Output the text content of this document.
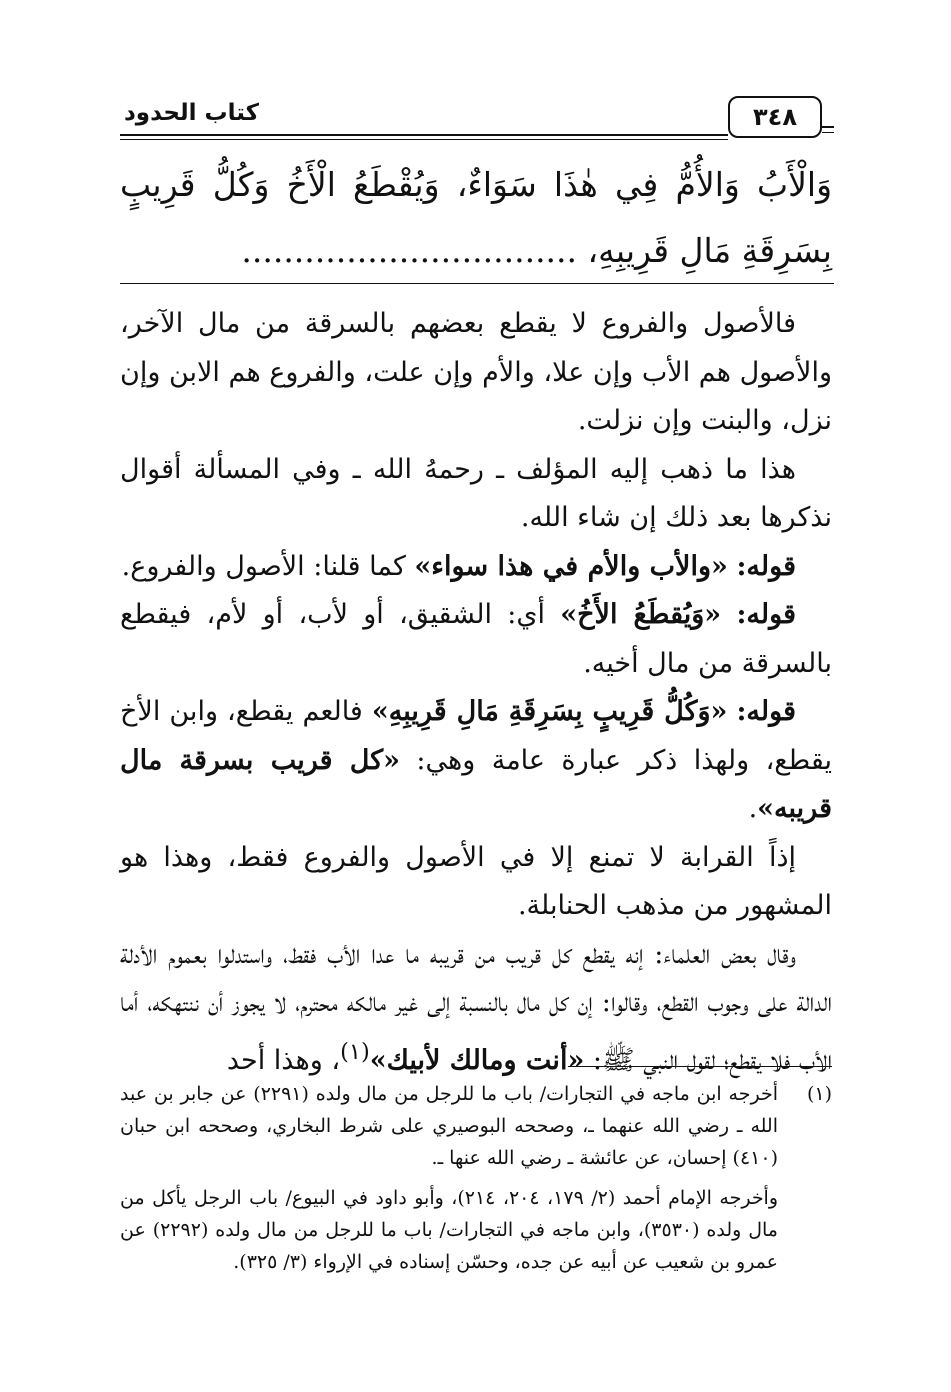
كتاب الحدود	٣٤٨
وَالْأَبُ وَالأُمُّ فِي هٰذَا سَوَاءٌ، وَيُقْطَعُ الْأَخُ وَكُلُّ قَرِيبٍ بِسَرِقَةِ مَالِ قَرِيبِهِ، ................................

فالأصول والفروع لا يقطع بعضهم بالسرقة من مال الآخر، والأصول هم الأب وإن علا، والأم وإن علت، والفروع هم الابن وإن نزل، والبنت وإن نزلت.

هذا ما ذهب إليه المؤلف ـ رحمهُ الله ـ وفي المسألة أقوال نذكرها بعد ذلك إن شاء الله.

قوله: «والأب والأم في هذا سواء» كما قلنا: الأصول والفروع.

قوله: «وَيُقطَعُ الأَخُ» أي: الشقيق، أو لأب، أو لأم، فيقطع بالسرقة من مال أخيه.

قوله: «وَكُلُّ قَرِيبٍ بِسَرِقَةِ مَالِ قَرِيبِهِ» فالعم يقطع، وابن الأخ يقطع، ولهذا ذكر عبارة عامة وهي: «كل قريب بسرقة مال قريبه».

إذاً القرابة لا تمنع إلا في الأصول والفروع فقط، وهذا هو المشهور من مذهب الحنابلة.

وقال بعض العلماء: إنه يقطع كل قريب من قريبه ما عدا الأب فقط، واستدلوا بعموم الأدلة الدالة على وجوب القطع، وقالوا: إن كل مال بالنسبة إلى غير مالكه محترم، لا يجوز أن ننتهكه، أما الأب فلا يقطع؛ لقول النبي ﷺ: «أنت ومالك لأبيك»$^{(١)}$، وهذا أحد

(١)

أخرجه ابن ماجه في التجارات/ باب ما للرجل من مال ولده (٢٢٩١) عن جابر بن عبد الله ـ رضي الله عنهما ـ، وصححه البوصيري على شرط البخاري، وصححه ابن حبان (٤١٠) إحسان، عن عائشة ـ رضي الله عنها ـ.

وأخرجه الإمام أحمد (٢/ ١٧٩، ٢٠٤، ٢١٤)، وأبو داود في البيوع/ باب الرجل يأكل من مال ولده (٣٥٣٠)، وابن ماجه في التجارات/ باب ما للرجل من مال ولده (٢٢٩٢) عن عمرو بن شعيب عن أبيه عن جده، وحسّن إسناده في الإرواء (٣/ ٣٢٥).
